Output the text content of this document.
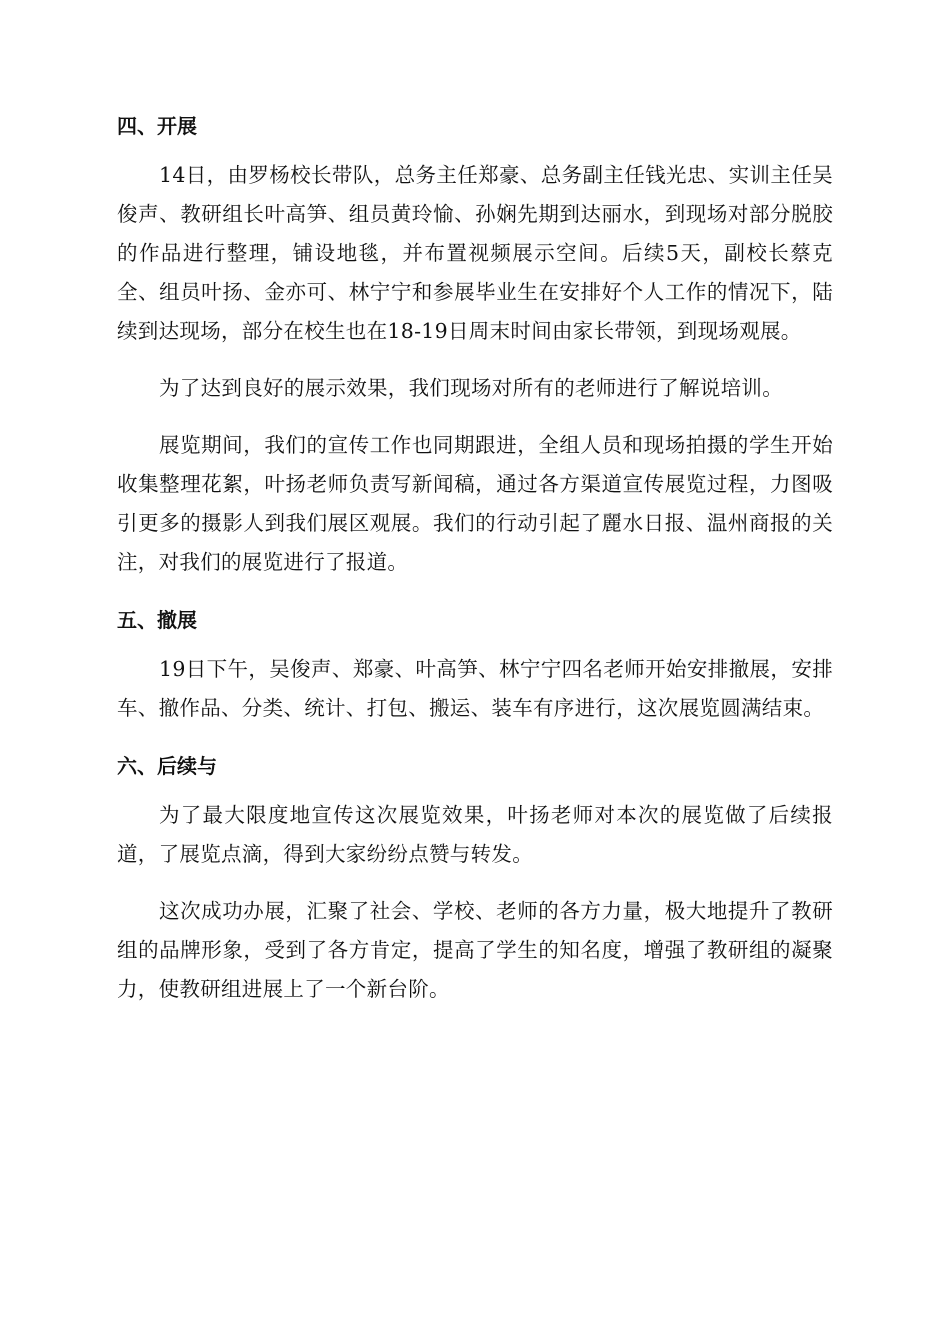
四、开展

14日，由罗杨校长带队，总务主任郑豪、总务副主任钱光忠、实训主任吴俊声、教研组长叶高笋、组员黄玲愉、孙娴先期到达丽水，到现场对部分脱胶的作品进行整理，铺设地毯，并布置视频展示空间。后续5天，副校长蔡克全、组员叶扬、金亦可、林宁宁和参展毕业生在安排好个人工作的情况下，陆续到达现场，部分在校生也在18-19日周末时间由家长带领，到现场观展。

为了达到良好的展示效果，我们现场对所有的老师进行了解说培训。

展览期间，我们的宣传工作也同期跟进，全组人员和现场拍摄的学生开始收集整理花絮，叶扬老师负责写新闻稿，通过各方渠道宣传展览过程，力图吸引更多的摄影人到我们展区观展。我们的行动引起了麗水日报、温州商报的关注，对我们的展览进行了报道。

五、撤展

19日下午，吴俊声、郑豪、叶高笋、林宁宁四名老师开始安排撤展，安排车、撤作品、分类、统计、打包、搬运、装车有序进行，这次展览圆满结束。

六、后续与

为了最大限度地宣传这次展览效果，叶扬老师对本次的展览做了后续报道，了展览点滴，得到大家纷纷点赞与转发。

这次成功办展，汇聚了社会、学校、老师的各方力量，极大地提升了教研组的品牌形象，受到了各方肯定，提高了学生的知名度，增强了教研组的凝聚力，使教研组进展上了一个新台阶。
